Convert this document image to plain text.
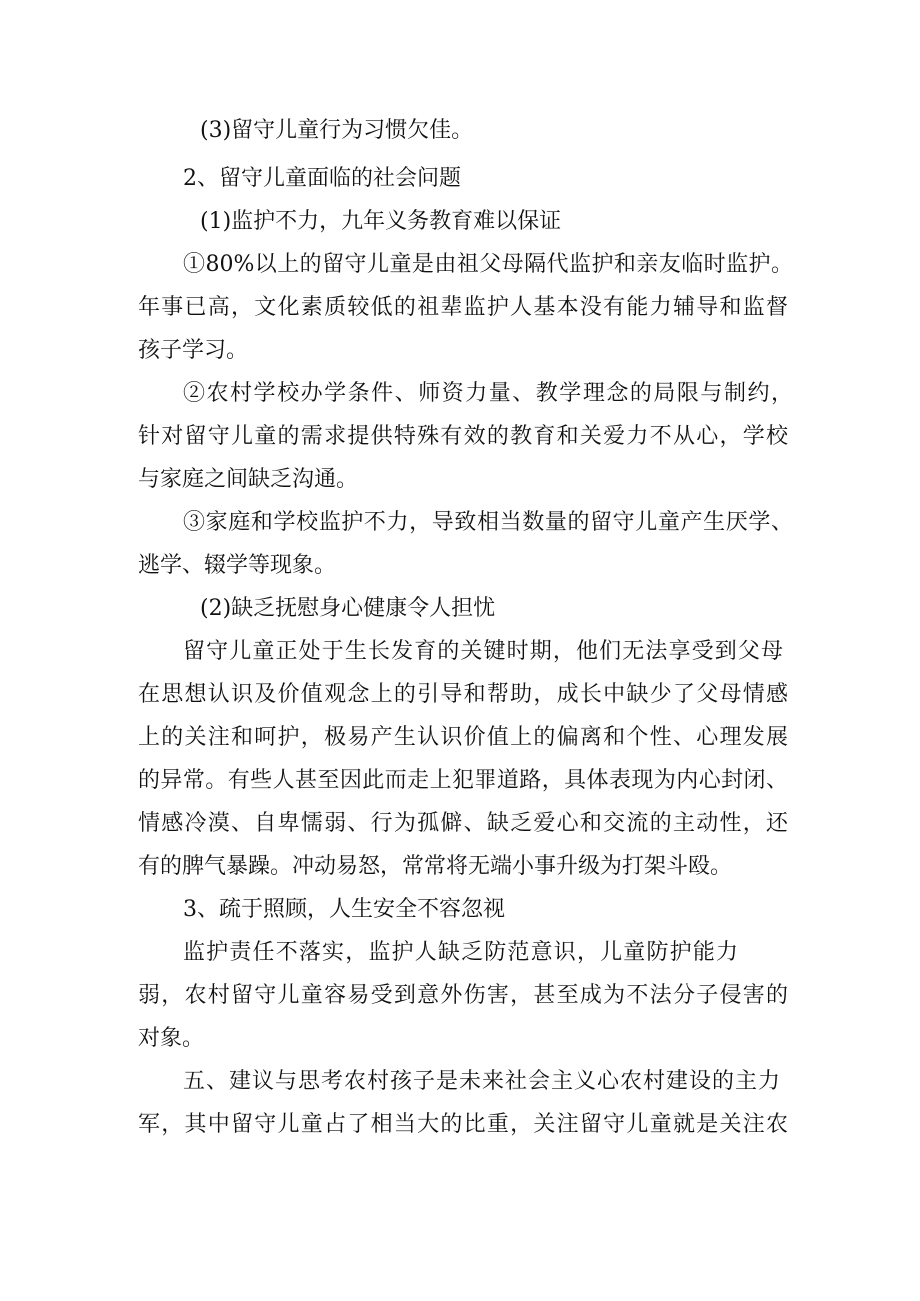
(3)留守儿童行为习惯欠佳。

2、留守儿童面临的社会问题

(1)监护不力，九年义务教育难以保证

①80%以上的留守儿童是由祖父母隔代监护和亲友临时监护。

年事已高，文化素质较低的祖辈监护人基本没有能力辅导和监督

孩子学习。

②农村学校办学条件、师资力量、教学理念的局限与制约，

针对留守儿童的需求提供特殊有效的教育和关爱力不从心，学校

与家庭之间缺乏沟通。

③家庭和学校监护不力，导致相当数量的留守儿童产生厌学、

逃学、辍学等现象。

(2)缺乏抚慰身心健康令人担忧

留守儿童正处于生长发育的关键时期，他们无法享受到父母

在思想认识及价值观念上的引导和帮助，成长中缺少了父母情感

上的关注和呵护，极易产生认识价值上的偏离和个性、心理发展

的异常。有些人甚至因此而走上犯罪道路，具体表现为内心封闭、

情感冷漠、自卑懦弱、行为孤僻、缺乏爱心和交流的主动性，还

有的脾气暴躁。冲动易怒，常常将无端小事升级为打架斗殴。

3、疏于照顾，人生安全不容忽视

监护责任不落实，监护人缺乏防范意识，儿童防护能力

弱，农村留守儿童容易受到意外伤害，甚至成为不法分子侵害的

对象。

五、建议与思考农村孩子是未来社会主义心农村建设的主力

军，其中留守儿童占了相当大的比重，关注留守儿童就是关注农
